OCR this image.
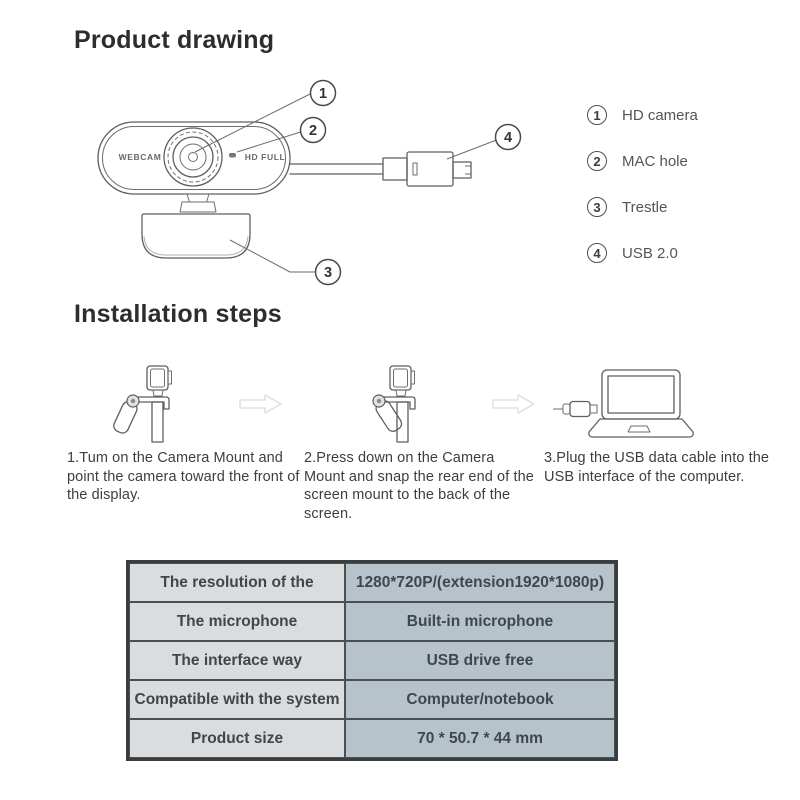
Product drawing
WEBCAM	HD FULL
1
2
3
4
1	HD camera
2	MAC hole
3	Trestle
4	USB 2.0
Installation steps
1.Tum on the Camera Mount and point the camera toward the front of the display.
2.Press down on the Camera Mount and snap the rear end of the screen mount to the back of the screen.
3.Plug the USB data cable into the USB interface of the computer.
The resolution of the	1280*720P/(extension1920*1080p)
The microphone	Built-in microphone
The interface way	USB drive free
Compatible with the system	Computer/notebook
Product size	70 * 50.7 * 44 mm
